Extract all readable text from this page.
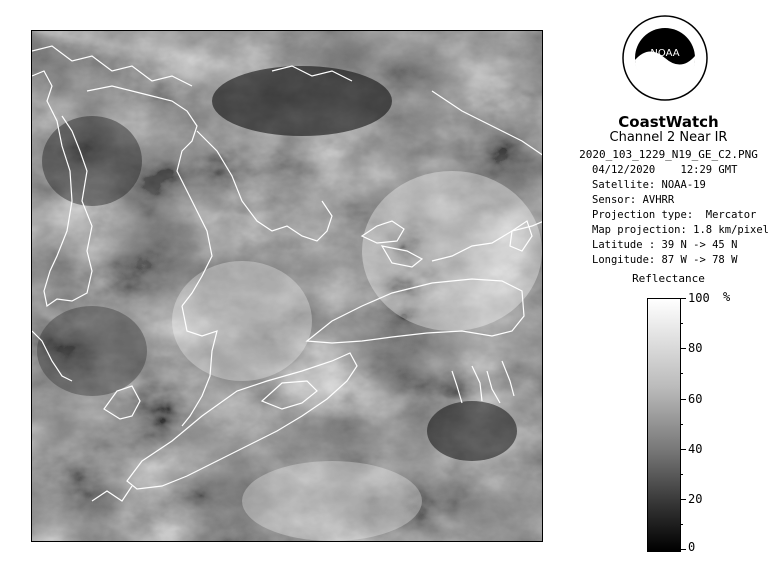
NOAA
CoastWatch
Channel 2 Near IR
2020_103_1229_N19_GE_C2.PNG
04/12/2020    12:29 GMT
Satellite: NOAA-19
Sensor: AVHRR
Projection type:  Mercator
Map projection: 1.8 km/pixel
Latitude : 39 N -> 45 N
Longitude: 87 W -> 78 W
Reflectance
%
100
80
60
40
20
0
